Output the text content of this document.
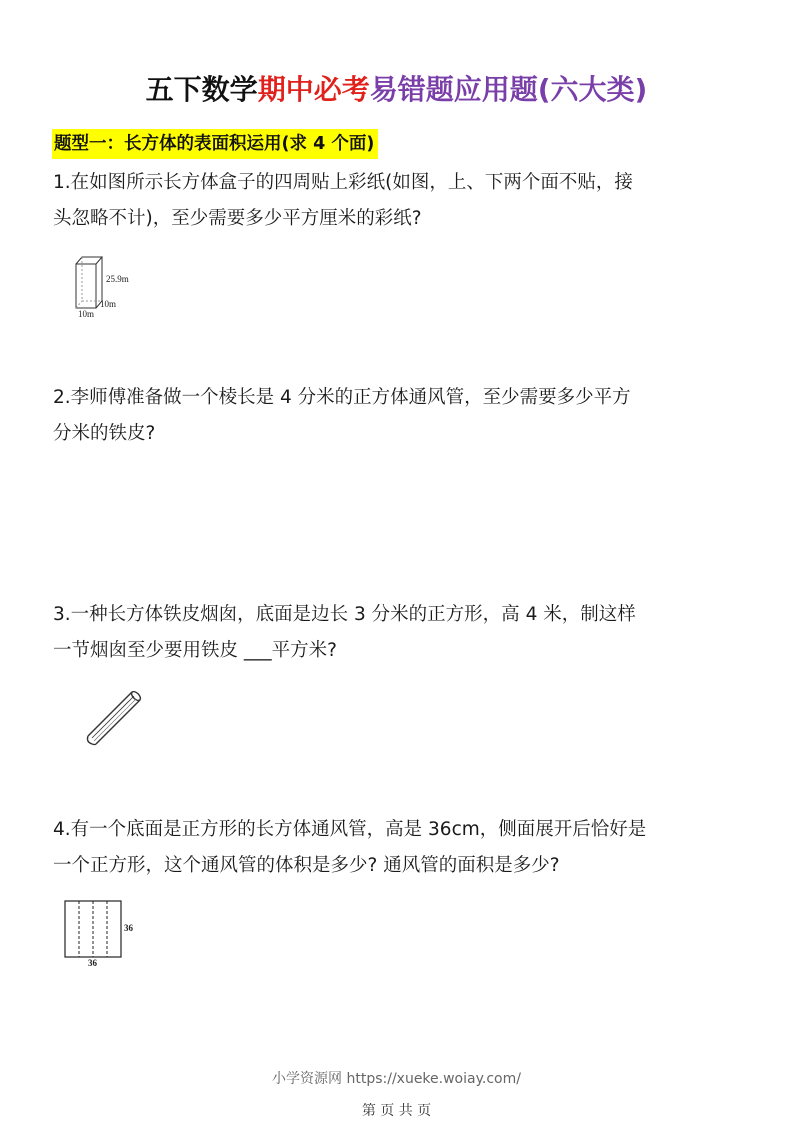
五下数学期中必考易错题应用题(六大类)
题型一：长方体的表面积运用(求 4 个面)
1.在如图所示长方体盒子的四周贴上彩纸(如图，上、下两个面不贴，接
头忽略不计)，至少需要多少平方厘米的彩纸?
25.9m
10m
10m
2.李师傅准备做一个棱长是 4 分米的正方体通风管，至少需要多少平方
分米的铁皮?
3.一种长方体铁皮烟囱，底面是边长 3 分米的正方形，高 4 米，制这样
一节烟囱至少要用铁皮 ___平方米?
4.有一个底面是正方形的长方体通风管，高是 36cm，侧面展开后恰好是
一个正方形，这个通风管的体积是多少? 通风管的面积是多少?
36
36
小学资源网 https://xueke.woiay.com/
第 页 共 页
